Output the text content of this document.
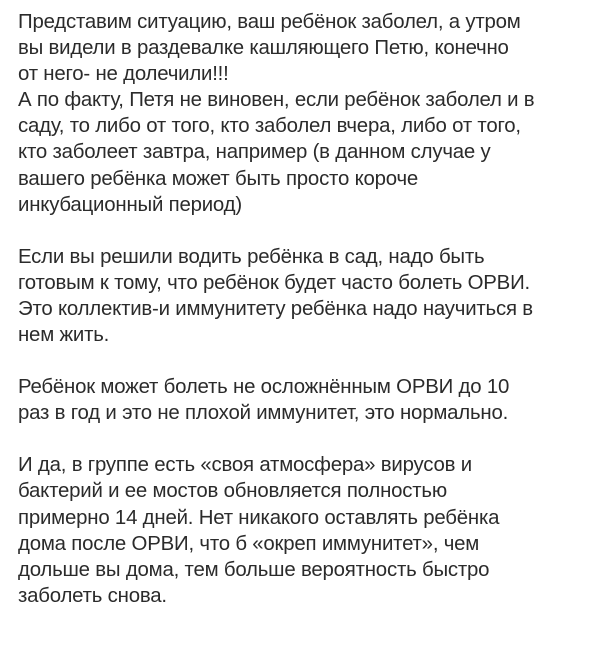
Представим ситуацию, ваш ребёнок заболел, а утром
вы видели в раздевалке кашляющего Петю, конечно
от него- не долечили!!!
А по факту, Петя не виновен, если ребёнок заболел и в
саду, то либо от того, кто заболел вчера, либо от того,
кто заболеет завтра, например (в данном случае у
вашего ребёнка может быть просто короче
инкубационный период)
Если вы решили водить ребёнка в сад, надо быть
готовым к тому, что ребёнок будет часто болеть ОРВИ.
Это коллектив-и иммунитету ребёнка надо научиться в
нем жить.
Ребёнок может болеть не осложнённым ОРВИ до 10
раз в год и это не плохой иммунитет, это нормально.
И да, в группе есть «своя атмосфера» вирусов и
бактерий и ее мостов обновляется полностью
примерно 14 дней. Нет никакого оставлять ребёнка
дома после ОРВИ, что б «окреп иммунитет», чем
дольше вы дома, тем больше вероятность быстро
заболеть снова.
